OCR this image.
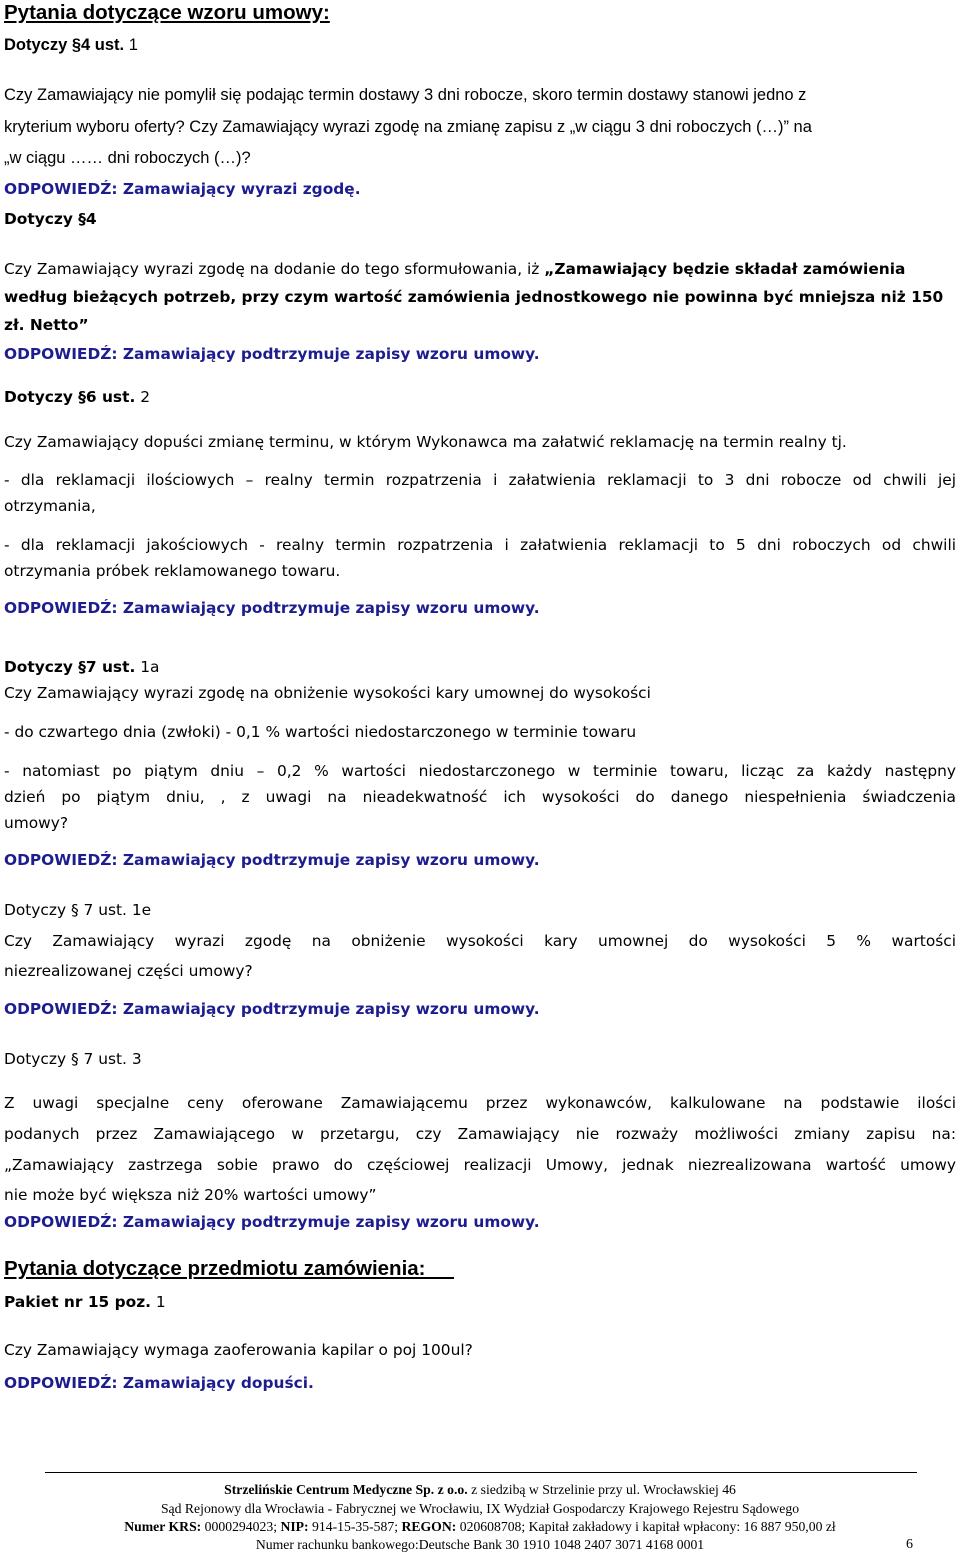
Pytania dotyczące wzoru umowy:
Dotyczy §4 ust. 1
Czy Zamawiający nie pomylił się podając termin dostawy 3 dni robocze, skoro termin dostawy stanowi jedno z
kryterium wyboru oferty? Czy Zamawiający wyrazi zgodę na zmianę zapisu z „w ciągu 3 dni roboczych (…)” na
„w ciągu …… dni roboczych (…)?
ODPOWIEDŹ: Zamawiający wyrazi zgodę.
Dotyczy §4
Czy Zamawiający wyrazi zgodę na dodanie do tego sformułowania, iż „Zamawiający będzie składał zamówienia
według bieżących potrzeb, przy czym wartość zamówienia jednostkowego nie powinna być mniejsza niż 150
zł. Netto”
ODPOWIEDŹ: Zamawiający podtrzymuje zapisy wzoru umowy.
Dotyczy §6 ust. 2
Czy Zamawiający dopuści zmianę terminu, w którym Wykonawca ma załatwić reklamację na termin realny tj.
- dla reklamacji ilościowych – realny termin rozpatrzenia i załatwienia reklamacji to 3 dni robocze od chwili jej
otrzymania,
- dla reklamacji jakościowych - realny termin rozpatrzenia i załatwienia reklamacji to 5 dni roboczych od chwili
otrzymania próbek reklamowanego towaru.
ODPOWIEDŹ: Zamawiający podtrzymuje zapisy wzoru umowy.
Dotyczy §7 ust. 1a
Czy Zamawiający wyrazi zgodę na obniżenie wysokości kary umownej do wysokości
- do czwartego dnia (zwłoki) - 0,1 % wartości niedostarczonego w terminie towaru
- natomiast po piątym dniu – 0,2 % wartości niedostarczonego w terminie towaru, licząc za każdy następny
dzień po piątym dniu, , z uwagi na nieadekwatność ich wysokości do danego niespełnienia świadczenia
umowy?
ODPOWIEDŹ: Zamawiający podtrzymuje zapisy wzoru umowy.
Dotyczy § 7 ust. 1e
Czy Zamawiający wyrazi zgodę na obniżenie wysokości kary umownej do wysokości 5 % wartości
niezrealizowanej części umowy?
ODPOWIEDŹ: Zamawiający podtrzymuje zapisy wzoru umowy.
Dotyczy § 7 ust. 3
Z uwagi specjalne ceny oferowane Zamawiającemu przez wykonawców, kalkulowane na podstawie ilości
podanych przez Zamawiającego w przetargu, czy Zamawiający nie rozważy możliwości zmiany zapisu na:
„Zamawiający zastrzega sobie prawo do częściowej realizacji Umowy, jednak niezrealizowana wartość umowy
nie może być większa niż 20% wartości umowy”
ODPOWIEDŹ: Zamawiający podtrzymuje zapisy wzoru umowy.
Pytania dotyczące przedmiotu zamówienia:
Pakiet nr 15 poz. 1
Czy Zamawiający wymaga zaoferowania kapilar o poj 100ul?
ODPOWIEDŹ: Zamawiający dopuści.
Strzelińskie Centrum Medyczne Sp. z o.o. z siedzibą w Strzelinie przy ul. Wrocławskiej 46
Sąd Rejonowy dla Wrocławia - Fabrycznej we Wrocławiu, IX Wydział Gospodarczy Krajowego Rejestru Sądowego
Numer KRS: 0000294023; NIP: 914-15-35-587; REGON: 020608708; Kapitał zakładowy i kapitał wpłacony: 16 887 950,00 zł
Numer rachunku bankowego:Deutsche Bank 30 1910 1048 2407 3071 4168 0001	6
